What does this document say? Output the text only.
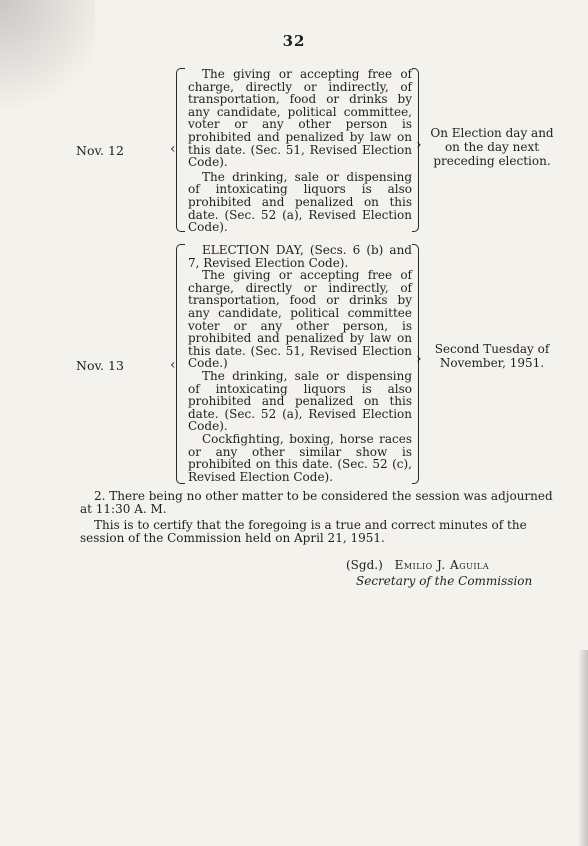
32
Nov. 12	‹

The giving or accepting free of charge, directly or indirectly, of transportation, food or drinks by any candidate, political committee, voter or any other person is prohibited and penalized by law on this date. (Sec. 51, Revised Election Code).

The drinking, sale or dispensing of intoxicating liquors is also prohibited and penalized on this date. (Sec. 52 (a), Revised Election Code).

›
On Election day and on the day next preceding election.
Nov. 13	‹

ELECTION DAY, (Secs. 6 (b) and 7, Revised Election Code).

The giving or accepting free of charge, directly or indirectly, of transportation, food or drinks by any candidate, political committee voter or any other person, is prohibited and penalized by law on this date. (Sec. 51, Revised Election Code.)

The drinking, sale or dispensing of intoxicating liquors is also prohibited and penalized on this date. (Sec. 52 (a), Revised Election Code).

Cockfighting, boxing, horse races or any other similar show is prohibited on this date. (Sec. 52 (c), Revised Election Code).

›
Second Tuesday of November, 1951.
2. There being no other matter to be considered the session was adjourned at 11:30 A. M.
This is to certify that the foregoing is a true and correct minutes of the session of the Commission held on April 21, 1951.
(Sgd.) Emilio J. Aguila
Secretary of the Commission
